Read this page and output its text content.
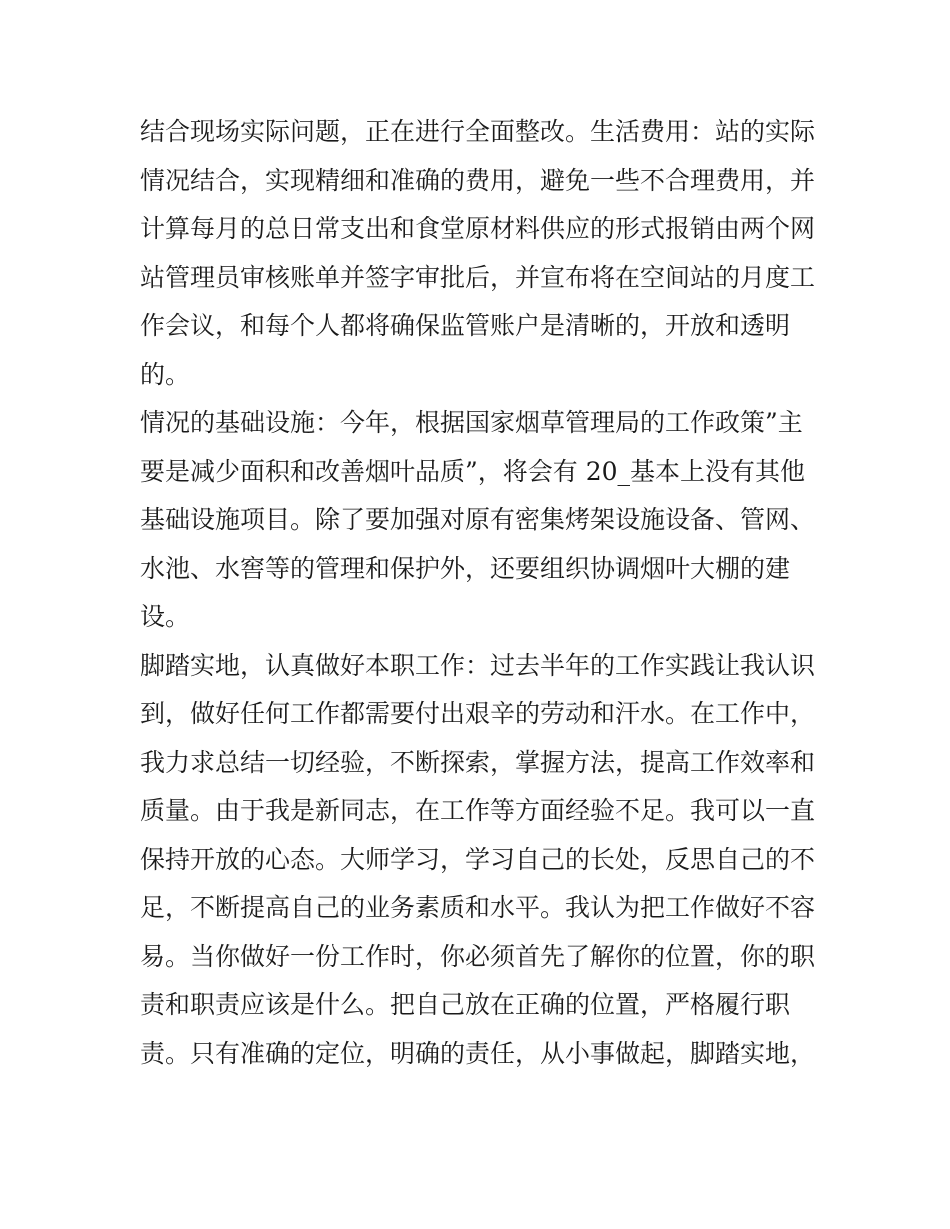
结合现场实际问题，正在进行全面整改。生活费用：站的实际
情况结合，实现精细和准确的费用，避免一些不合理费用，并
计算每月的总日常支出和食堂原材料供应的形式报销由两个网
站管理员审核账单并签字审批后，并宣布将在空间站的月度工
作会议，和每个人都将确保监管账户是清晰的，开放和透明
的。
情况的基础设施：今年，根据国家烟草管理局的工作政策”主
要是减少面积和改善烟叶品质”，将会有 20_基本上没有其他
基础设施项目。除了要加强对原有密集烤架设施设备、管网、
水池、水窖等的管理和保护外，还要组织协调烟叶大棚的建
设。
脚踏实地，认真做好本职工作：过去半年的工作实践让我认识
到，做好任何工作都需要付出艰辛的劳动和汗水。在工作中，
我力求总结一切经验，不断探索，掌握方法，提高工作效率和
质量。由于我是新同志，在工作等方面经验不足。我可以一直
保持开放的心态。大师学习，学习自己的长处，反思自己的不
足，不断提高自己的业务素质和水平。我认为把工作做好不容
易。当你做好一份工作时，你必须首先了解你的位置，你的职
责和职责应该是什么。把自己放在正确的位置，严格履行职
责。只有准确的定位，明确的责任，从小事做起，脚踏实地，
